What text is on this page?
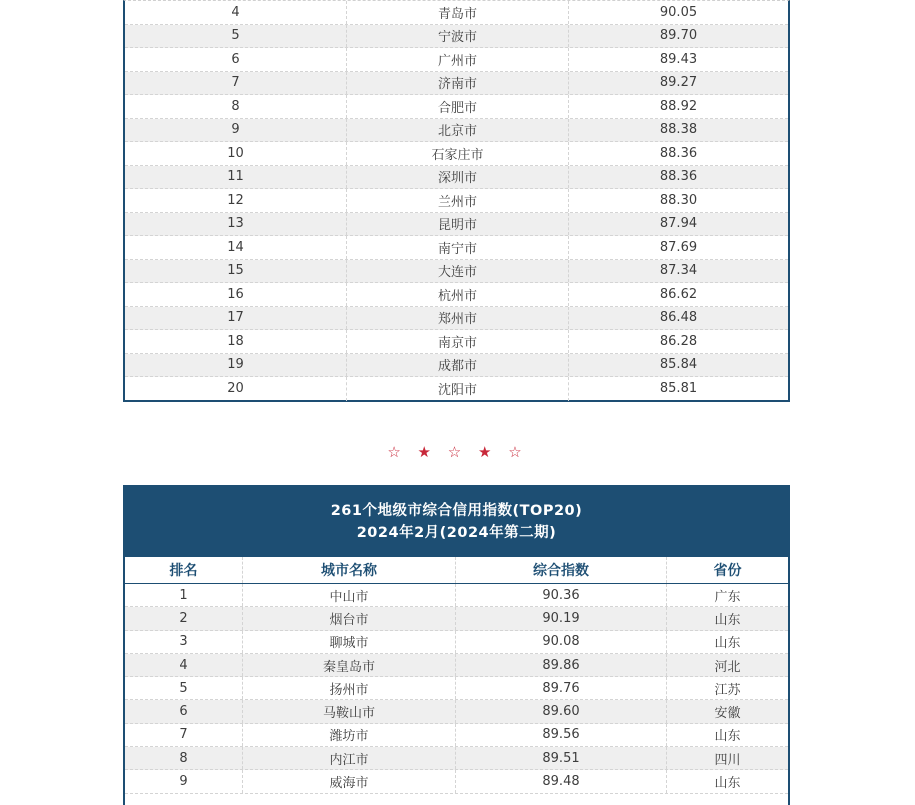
4	青岛市	90.05
5	宁波市	89.70
6	广州市	89.43
7	济南市	89.27
8	合肥市	88.92
9	北京市	88.38
10	石家庄市	88.36
11	深圳市	88.36
12	兰州市	88.30
13	昆明市	87.94
14	南宁市	87.69
15	大连市	87.34
16	杭州市	86.62
17	郑州市	86.48
18	南京市	86.28
19	成都市	85.84
20	沈阳市	85.81
☆ ★ ☆ ★ ☆
261个地级市综合信用指数(TOP20)
2024年2月(2024年第二期)
排名	城市名称	综合指数	省份
1	中山市	90.36	广东
2	烟台市	90.19	山东
3	聊城市	90.08	山东
4	秦皇岛市	89.86	河北
5	扬州市	89.76	江苏
6	马鞍山市	89.60	安徽
7	潍坊市	89.56	山东
8	内江市	89.51	四川
9	威海市	89.48	山东
